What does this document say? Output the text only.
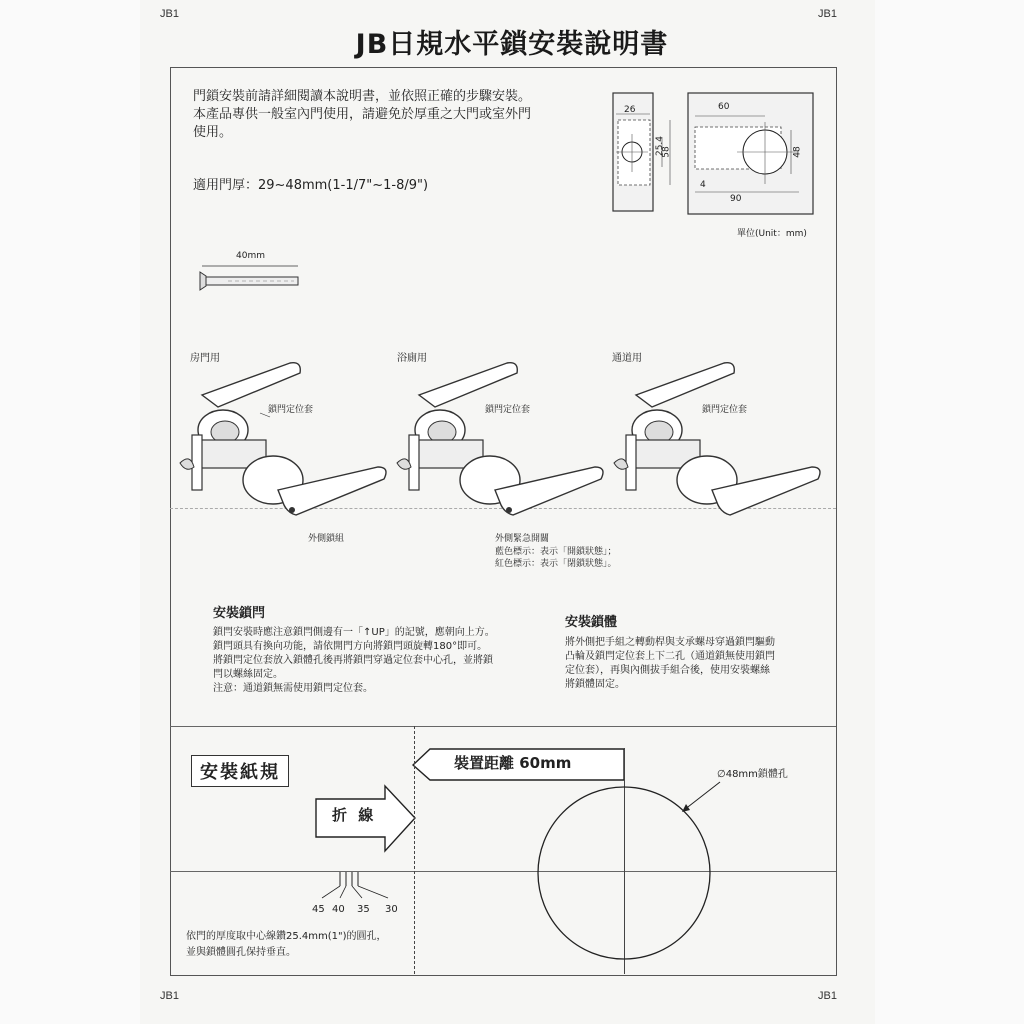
JB1	JB1
JB1	JB1
JB日規水平鎖安裝說明書
門鎖安裝前請詳細閱讀本說明書，並依照正確的步驟安裝。
本產品專供一般室內門使用，請避免於厚重之大門或室外門
使用。
適用門厚：29~48mm(1-1/7"~1-8/9")
26
25.4
58
60
48
4
90
單位(Unit：mm)
40mm
房門用	浴廁用	通道用
鎖閂定位套	鎖閂定位套	鎖閂定位套
外側鎖組	外側緊急開關
藍色標示：表示「開鎖狀態」；
紅色標示：表示「閉鎖狀態」。
安裝鎖閂
鎖閂安裝時應注意鎖閂側邊有一「↑UP」的記號，應朝向上方。
鎖閂頭具有換向功能，請依開門方向將鎖閂頭旋轉180°即可。
將鎖閂定位套放入鎖體孔後再將鎖閂穿過定位套中心孔，並將鎖
閂以螺絲固定。
注意：通道鎖無需使用鎖閂定位套。
安裝鎖體
將外側把手組之轉動桿與支承螺母穿過鎖閂驅動
凸輪及鎖閂定位套上下二孔（通道鎖無使用鎖閂
定位套），再與內側拔手組合後，使用安裝螺絲
將鎖體固定。
安裝紙規
折 線
裝置距離 60mm
∅48mm鎖體孔
45 40 35 30
依門的厚度取中心線鑽25.4mm(1")的圓孔，
並與鎖體圓孔保持垂直。
